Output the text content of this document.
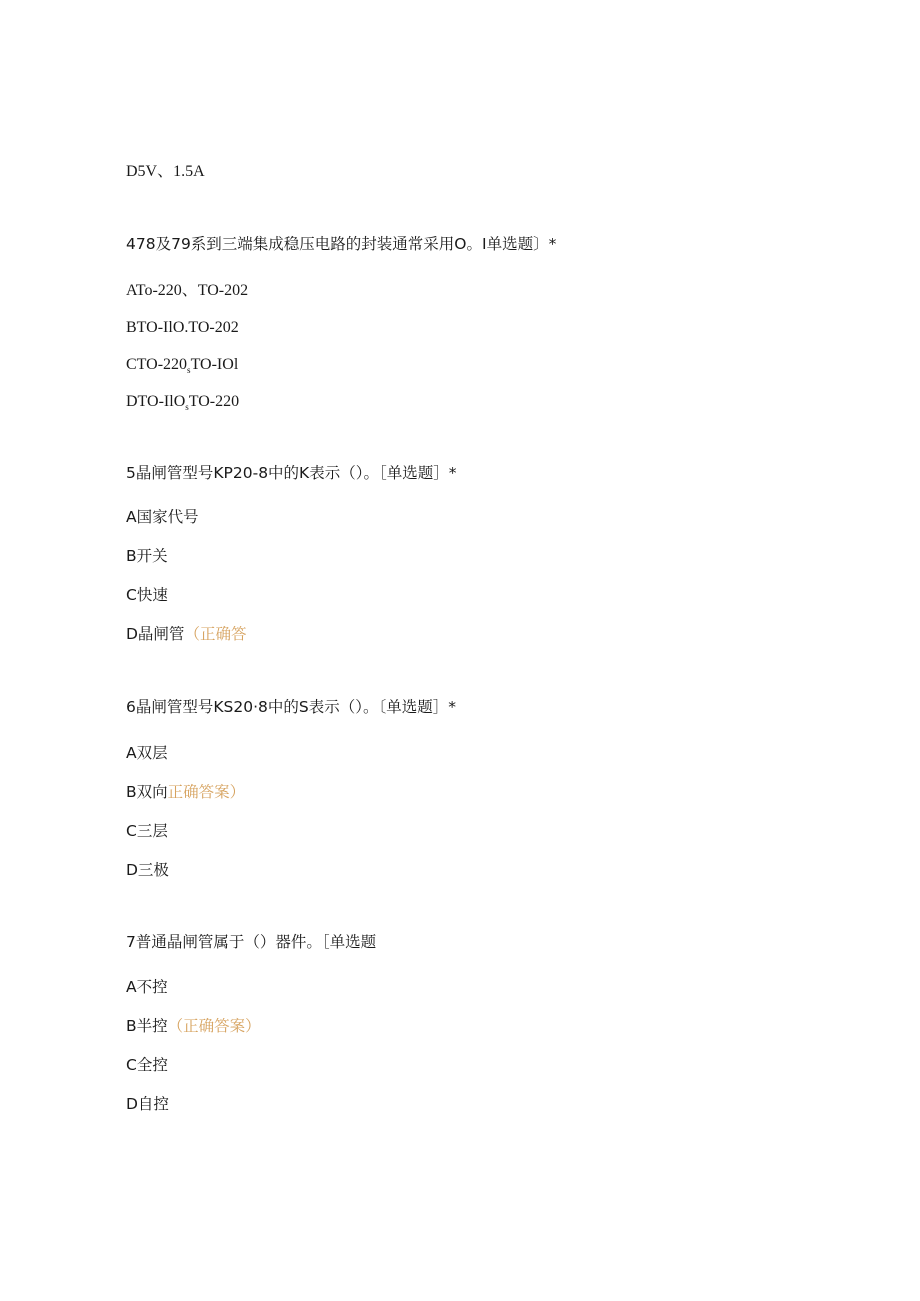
D5V、1.5A
478及79系到三端集成稳压电路的封装通常采用O。I单选题〕*
ATo-220、TO-202
BTO-IlO.TO-202
CTO-$220_sTO$-IOl
DTO-IlO$_s$TO-220
5晶闸管型号KP20-8中的K表示（）。［单选题］*
A国家代号
B开关
C快速
D晶闸管（正确答
6晶闸管型号KS20·8中的S表示（）。〔单选题］*
A双层
B双向正确答案）
C三层
D三极
7普通晶闸管属于（）器件。［单选题
A不控
B半控（正确答案）
C全控
D自控
